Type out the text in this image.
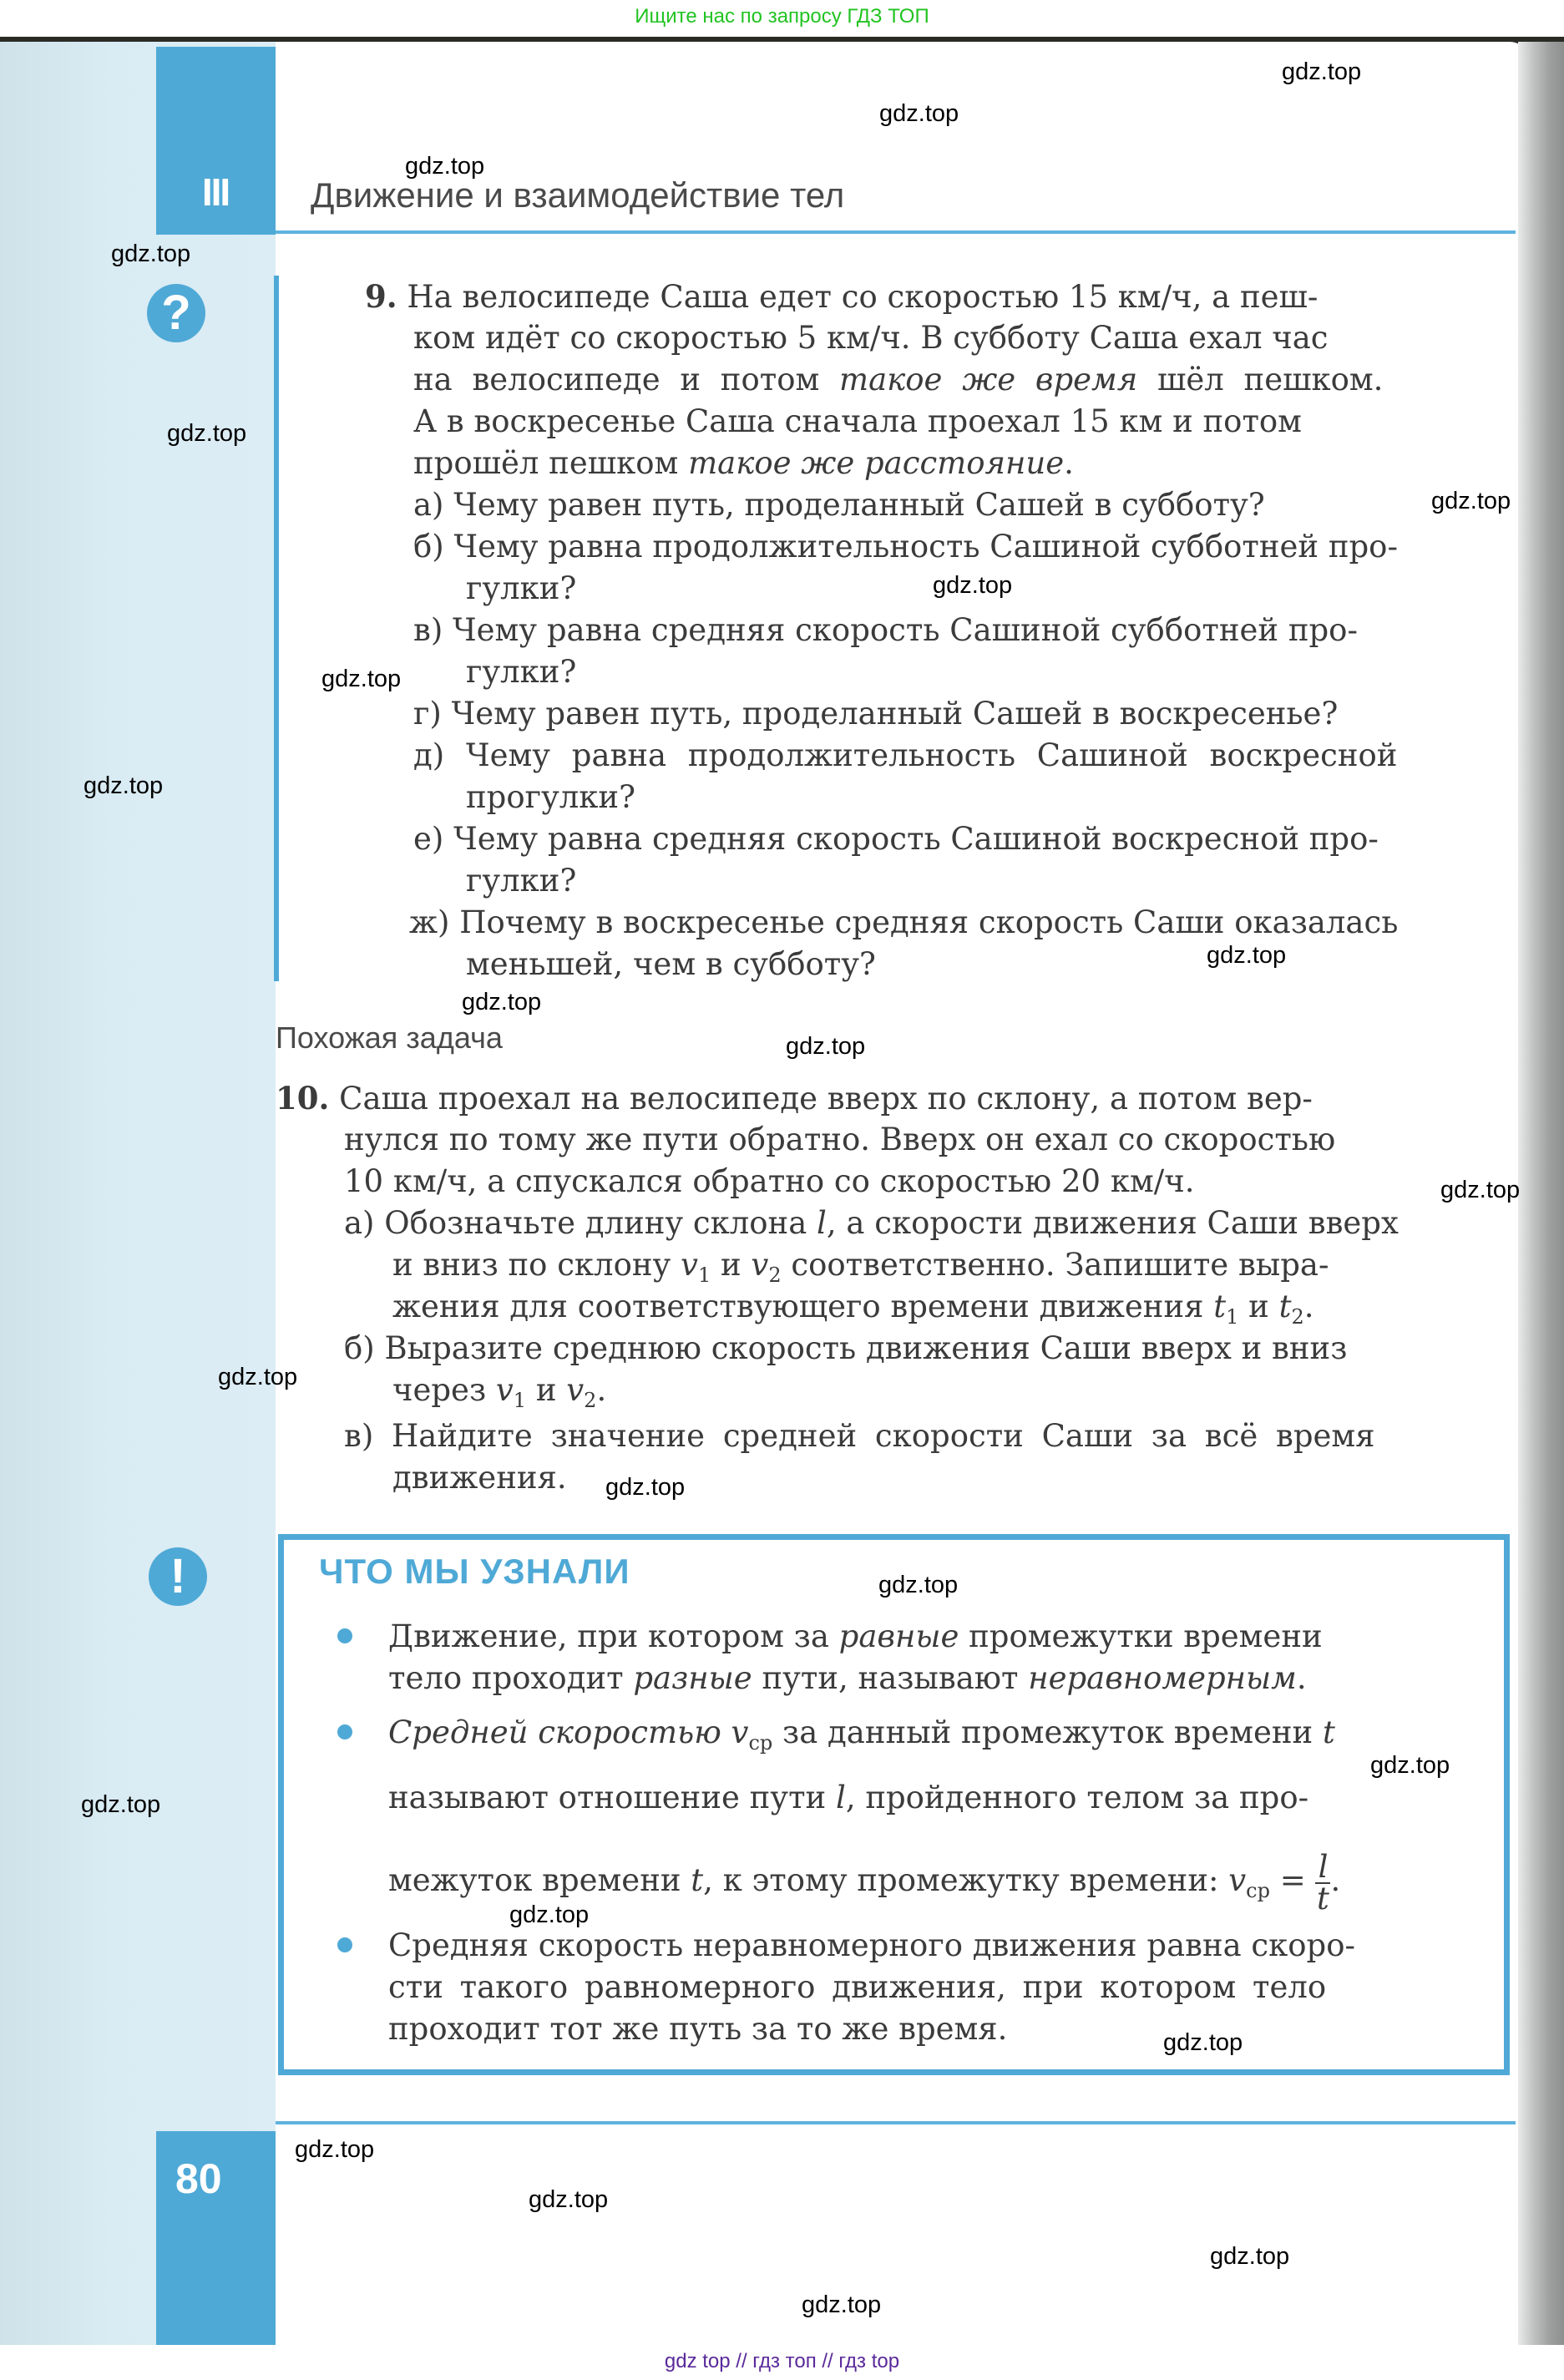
Ищите нас по запросу ГДЗ ТОП
III Движение и взаимодействие тел
?	9. На велосипеде Саша едет со скоростью 15 км/ч, а пеш-
ком идёт со скоростью 5 км/ч. В субботу Саша ехал час
на велосипеде и потом такое же время шёл пешком.
А в воскресенье Саша сначала проехал 15 км и потом
прошёл пешком такое же расстояние.
а) Чему равен путь, проделанный Сашей в субботу?
б) Чему равна продолжительность Сашиной субботней про-
гулки?
в) Чему равна средняя скорость Сашиной субботней про-
гулки?
г) Чему равен путь, проделанный Сашей в воскресенье?
д) Чему равна продолжительность Сашиной воскресной
прогулки?
е) Чему равна средняя скорость Сашиной воскресной про-
гулки?
ж) Почему в воскресенье средняя скорость Саши оказалась
меньшей, чем в субботу?
Похожая задача
10. Саша проехал на велосипеде вверх по склону, а потом вер-
нулся по тому же пути обратно. Вверх он ехал со скоростью
10 км/ч, а спускался обратно со скоростью 20 км/ч.
а) Обозначьте длину склона l, а скорости движения Саши вверх
и вниз по склону $v_1$ и $v_2$ соответственно. Запишите выра-
жения для соответствующего времени движения $t_1$ и $t_2$.
б) Выразите среднюю скорость движения Саши вверх и вниз
через $v_1$ и $v_2$.
в) Найдите значение средней скорости Саши за всё время
движения.
!	ЧТО МЫ УЗНАЛИ
Движение, при котором за равные промежутки времени
тело проходит разные пути, называют неравномерным.
Средней скоростью $v_{ср}$ за данный промежуток времени t
называют отношение пути l, пройденного телом за про-
межуток времени t, к этому промежутку времени: $v_{ср} = \frac{l}{t}$ .
Средняя скорость неравномерного движения равна скоро-
сти такого равномерного движения, при котором тело
проходит тот же путь за то же время.
80
gdz.top
gdz.top
gdz.top
gdz.top
gdz.top
gdz.top
gdz.top
gdz.top
gdz.top
gdz.top
gdz.top
gdz.top
gdz.top
gdz.top
gdz.top
gdz.top
gdz.top
gdz.top
gdz.top
gdz.top
gdz.top
gdz.top
gdz.top
gdz.top
gdz top // гдз топ // гдз top
